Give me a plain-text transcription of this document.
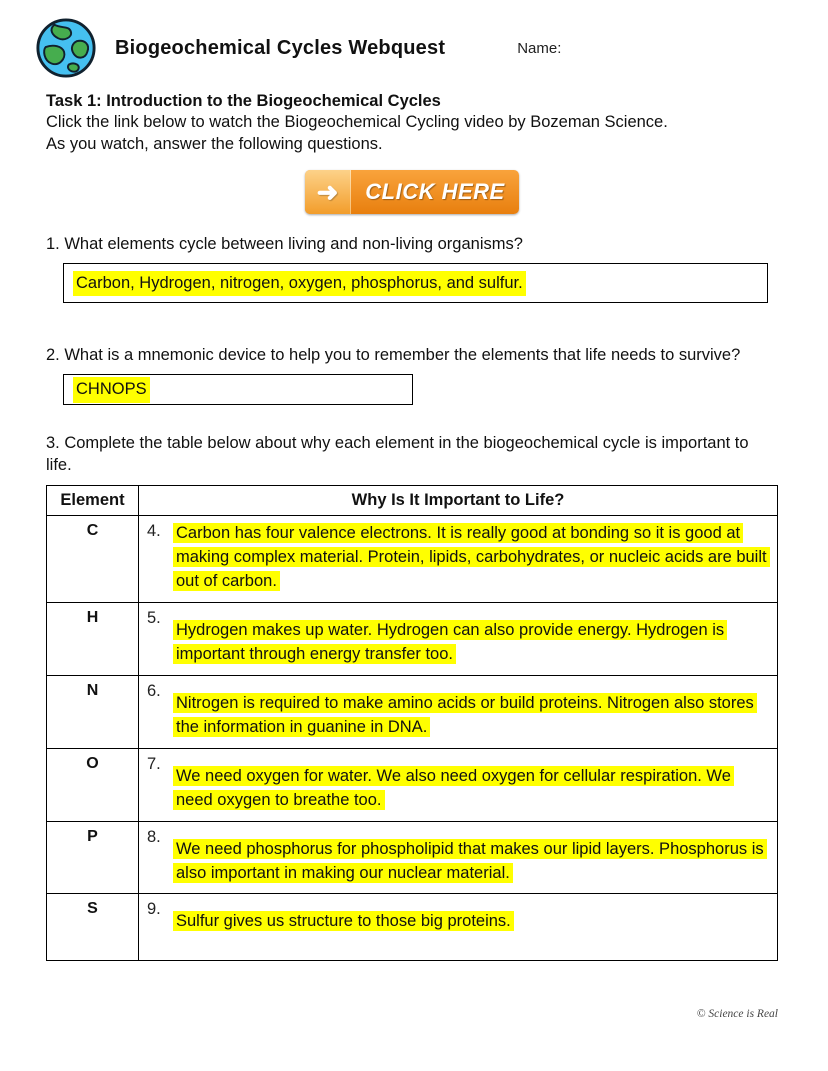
Biogeochemical Cycles Webquest	Name:
Task 1: Introduction to the Biogeochemical Cycles
Click the link below to watch the Biogeochemical Cycling video by Bozeman Science.
As you watch, answer the following questions.
➜	CLICK HERE
1. What elements cycle between living and non-living organisms?
Carbon, Hydrogen, nitrogen, oxygen, phosphorus, and sulfur.
2. What is a mnemonic device to help you to remember the elements that life needs to survive?
CHNOPS
3. Complete the table below about why each element in the biogeochemical cycle is important to life.
Element	Why Is It Important to Life?
C	4. Carbon has four valence electrons. It is really good at bonding so it is good at making complex material. Protein, lipids, carbohydrates, or nucleic acids are built out of carbon.

H	5.
Hydrogen makes up water. Hydrogen can also provide energy. Hydrogen is important through energy transfer too.

N	6.
Nitrogen is required to make amino acids or build proteins. Nitrogen also stores the information in guanine in DNA.

O	7.
We need oxygen for water. We also need oxygen for cellular respiration. We need oxygen to breathe too.

P	8.
We need phosphorus for phospholipid that makes our lipid layers. Phosphorus is also important in making our nuclear material.

S	9.
Sulfur gives us structure to those big proteins.
© Science is Real
